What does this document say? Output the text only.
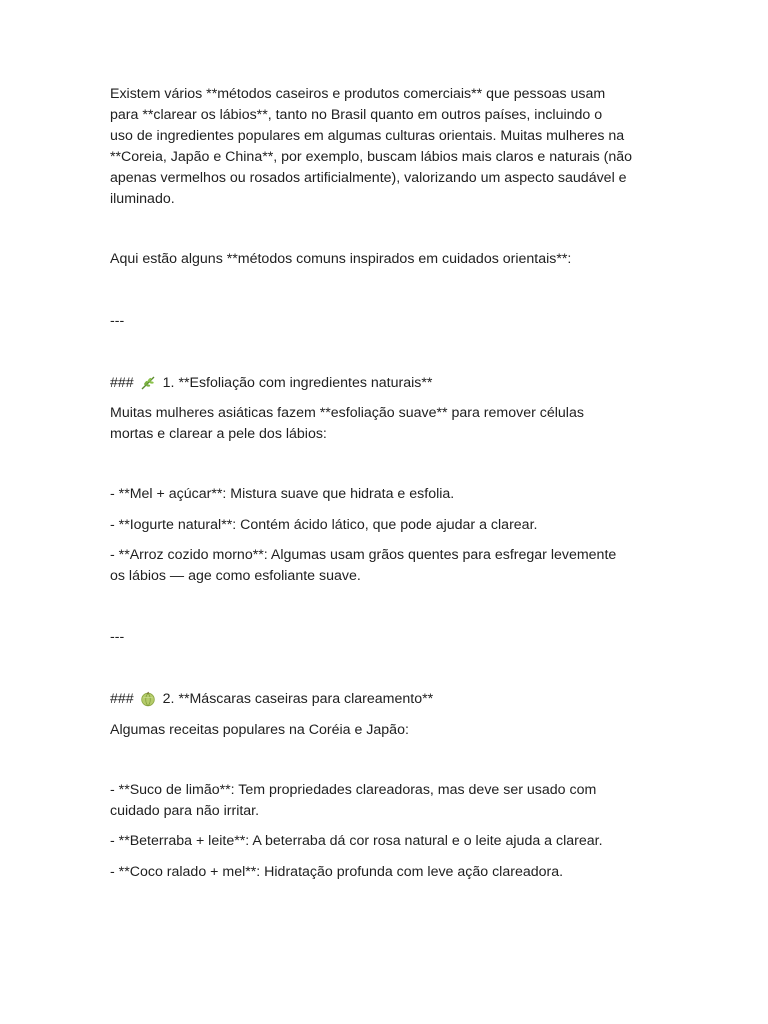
Existem vários **métodos caseiros e produtos comerciais** que pessoas usam
para **clarear os lábios**, tanto no Brasil quanto em outros países, incluindo o
uso de ingredientes populares em algumas culturas orientais. Muitas mulheres na
**Coreia, Japão e China**, por exemplo, buscam lábios mais claros e naturais (não
apenas vermelhos ou rosados artificialmente), valorizando um aspecto saudável e
iluminado.
Aqui estão alguns **métodos comuns inspirados em cuidados orientais**:
---
### 1. **Esfoliação com ingredientes naturais**
Muitas mulheres asiáticas fazem **esfoliação suave** para remover células
mortas e clarear a pele dos lábios:
- **Mel + açúcar**: Mistura suave que hidrata e esfolia.
- **Iogurte natural**: Contém ácido lático, que pode ajudar a clarear.
- **Arroz cozido morno**: Algumas usam grãos quentes para esfregar levemente
os lábios — age como esfoliante suave.
---
### 2. **Máscaras caseiras para clareamento**
Algumas receitas populares na Coréia e Japão:
- **Suco de limão**: Tem propriedades clareadoras, mas deve ser usado com
cuidado para não irritar.
- **Beterraba + leite**: A beterraba dá cor rosa natural e o leite ajuda a clarear.
- **Coco ralado + mel**: Hidratação profunda com leve ação clareadora.
